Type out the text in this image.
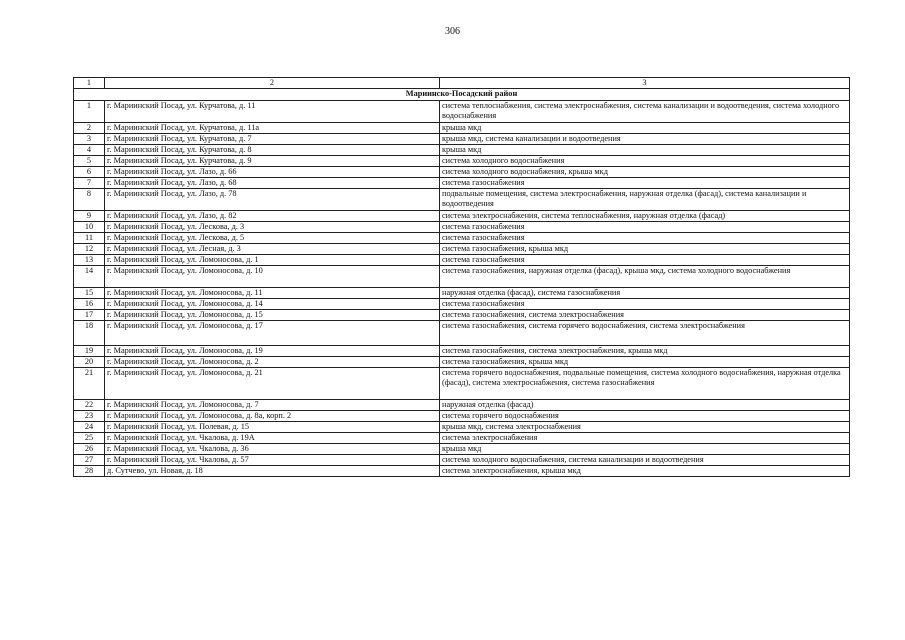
306
1	2	3
Мариинско-Посадский район		
1	г. Мариинский Посад, ул. Курчатова, д. 11	система теплоснабжения, система электроснабжения, система канализации и водоотведения, система холодного водоснабжения
2	г. Мариинский Посад, ул. Курчатова, д. 11а	крыша мкд
3	г. Мариинский Посад, ул. Курчатова, д. 7	крыша мкд, система канализации и водоотведения
4	г. Мариинский Посад, ул. Курчатова, д. 8	крыша мкд
5	г. Мариинский Посад, ул. Курчатова, д. 9	система холодного водоснабжения
6	г. Мариинский Посад, ул. Лазо, д. 66	система холодного водоснабжения, крыша мкд
7	г. Мариинский Посад, ул. Лазо, д. 68	система газоснабжения
8	г. Мариинский Посад, ул. Лазо, д. 78	подвальные помещения, система электроснабжения, наружная отделка (фасад), система канализации и водоотведения
9	г. Мариинский Посад, ул. Лазо, д. 82	система электроснабжения, система теплоснабжения, наружная отделка (фасад)
10	г. Мариинский Посад, ул. Лескова, д. 3	система газоснабжения
11	г. Мариинский Посад, ул. Лескова, д. 5	система газоснабжения
12	г. Мариинский Посад, ул. Лесная, д. 3	система газоснабжения, крыша мкд
13	г. Мариинский Посад, ул. Ломоносова, д. 1	система газоснабжения
14	г. Мариинский Посад, ул. Ломоносова, д. 10	система газоснабжения, наружная отделка (фасад), крыша мкд, система холодного водоснабжения
15	г. Мариинский Посад, ул. Ломоносова, д. 11	наружная отделка (фасад), система газоснабжения
16	г. Мариинский Посад, ул. Ломоносова, д. 14	система газоснабжения
17	г. Мариинский Посад, ул. Ломоносова, д. 15	система газоснабжения, система электроснабжения
18	г. Мариинский Посад, ул. Ломоносова, д. 17	система газоснабжения, система горячего водоснабжения, система электроснабжения
19	г. Мариинский Посад, ул. Ломоносова, д. 19	система газоснабжения, система электроснабжения, крыша мкд
20	г. Мариинский Посад, ул. Ломоносова, д. 2	система газоснабжения, крыша мкд
21	г. Мариинский Посад, ул. Ломоносова, д. 21	система горячего водоснабжения, подвальные помещения, система холодного водоснабжения, наружная отделка (фасад), система электроснабжения, система газоснабжения
22	г. Мариинский Посад, ул. Ломоносова, д. 7	наружная отделка (фасад)
23	г. Мариинский Посад, ул. Ломоносова, д. 8а, корп. 2	система горячего водоснабжения
24	г. Мариинский Посад, ул. Полевая, д. 15	крыша мкд, система электроснабжения
25	г. Мариинский Посад, ул. Чкалова, д. 19А	система электроснабжения
26	г. Мариинский Посад, ул. Чкалова, д. 36	крыша мкд
27	г. Мариинский Посад, ул. Чкалова, д. 57	система холодного водоснабжения, система канализации и водоотведения
28	д. Сутчево, ул. Новая, д. 18	система электроснабжения, крыша мкд
